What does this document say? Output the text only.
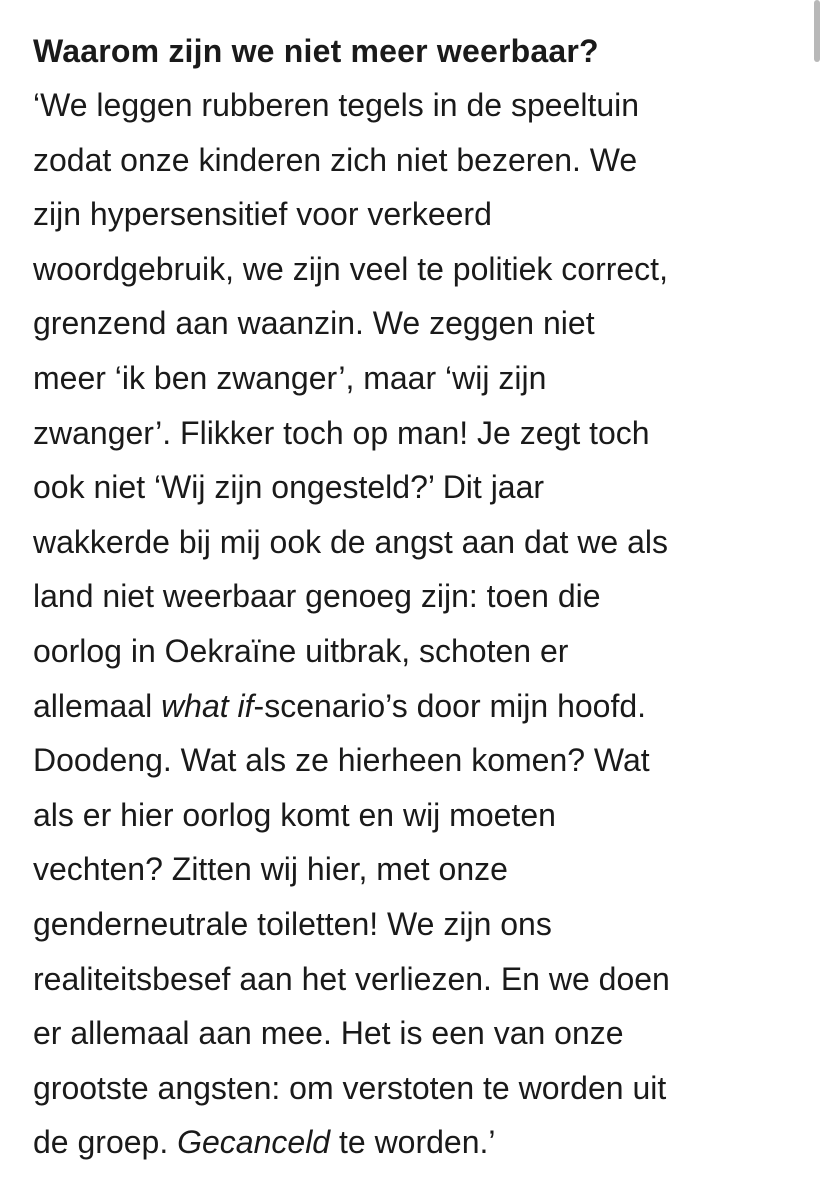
Waarom zijn we niet meer weerbaar?

‘We leggen rubberen tegels in de speeltuin

zodat onze kinderen zich niet bezeren. We

zijn hypersensitief voor verkeerd

woordgebruik, we zijn veel te politiek correct,

grenzend aan waanzin. We zeggen niet

meer ‘ik ben zwanger’, maar ‘wij zijn

zwanger’. Flikker toch op man! Je zegt toch

ook niet ‘Wij zijn ongesteld?’ Dit jaar

wakkerde bij mij ook de angst aan dat we als

land niet weerbaar genoeg zijn: toen die

oorlog in Oekraïne uitbrak, schoten er

allemaal what if-scenario’s door mijn hoofd.

Doodeng. Wat als ze hierheen komen? Wat

als er hier oorlog komt en wij moeten

vechten? Zitten wij hier, met onze

genderneutrale toiletten! We zijn ons

realiteitsbesef aan het verliezen. En we doen

er allemaal aan mee. Het is een van onze

grootste angsten: om verstoten te worden uit

de groep. Gecanceld te worden.’
